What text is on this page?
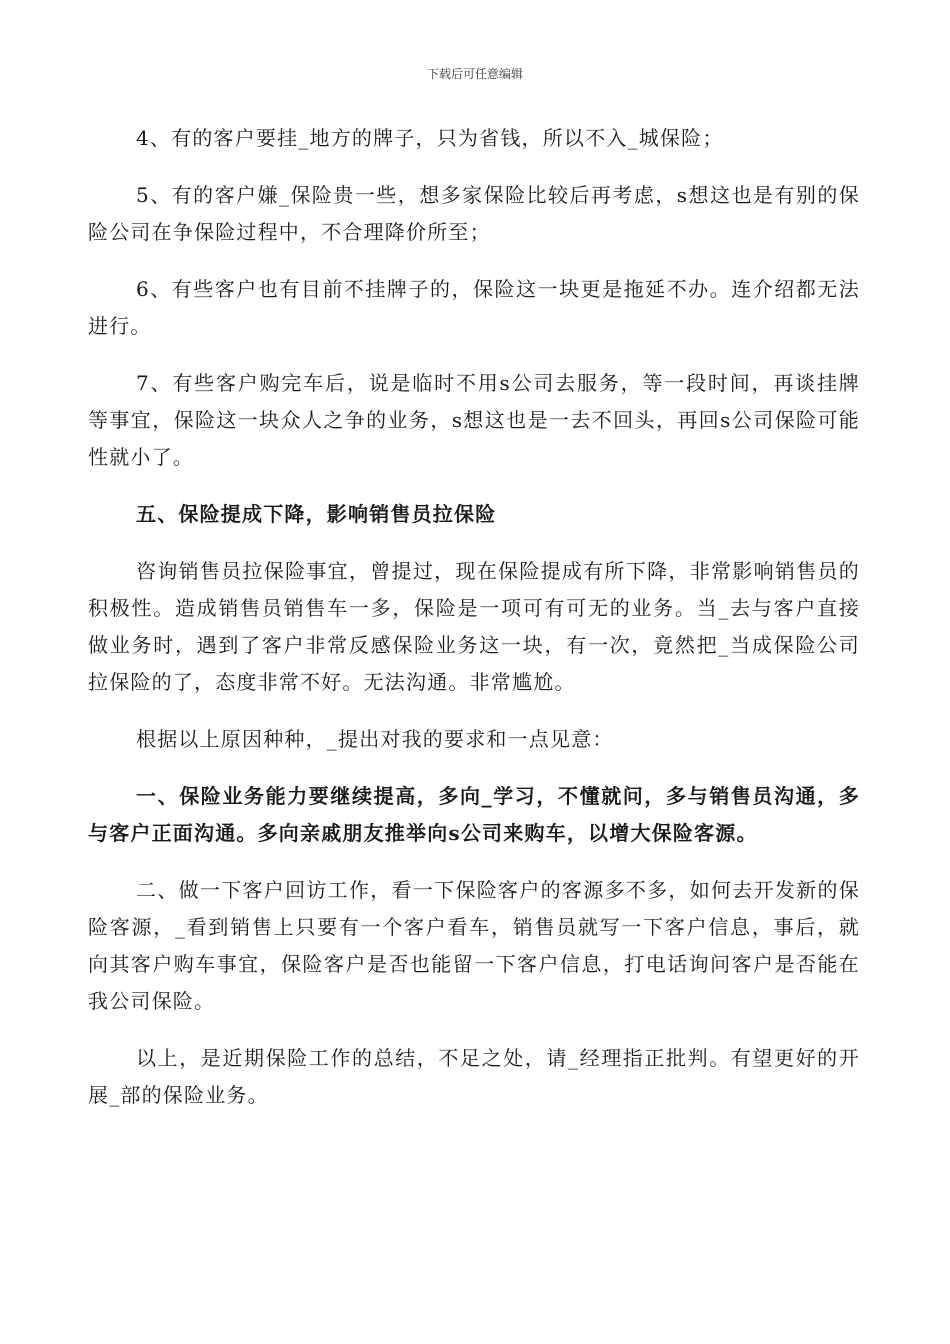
下载后可任意编辑

4、有的客户要挂_地方的牌子，只为省钱，所以不入_城保险；

5、有的客户嫌_保险贵一些，想多家保险比较后再考虑，s想这也是有别的保险公司在争保险过程中，不合理降价所至；

6、有些客户也有目前不挂牌子的，保险这一块更是拖延不办。连介绍都无法进行。

7、有些客户购完车后，说是临时不用s公司去服务，等一段时间，再谈挂牌等事宜，保险这一块众人之争的业务，s想这也是一去不回头，再回s公司保险可能性就小了。

五、保险提成下降，影响销售员拉保险

咨询销售员拉保险事宜，曾提过，现在保险提成有所下降，非常影响销售员的积极性。造成销售员销售车一多，保险是一项可有可无的业务。当_去与客户直接做业务时，遇到了客户非常反感保险业务这一块，有一次，竟然把_当成保险公司拉保险的了，态度非常不好。无法沟通。非常尴尬。

根据以上原因种种，_提出对我的要求和一点见意：

一、保险业务能力要继续提高，多向_学习，不懂就问，多与销售员沟通，多与客户正面沟通。多向亲戚朋友推举向s公司来购车，以增大保险客源。

二、做一下客户回访工作，看一下保险客户的客源多不多，如何去开发新的保险客源，_看到销售上只要有一个客户看车，销售员就写一下客户信息，事后，就向其客户购车事宜，保险客户是否也能留一下客户信息，打电话询问客户是否能在我公司保险。

以上，是近期保险工作的总结，不足之处，请_经理指正批判。有望更好的开展_部的保险业务。
